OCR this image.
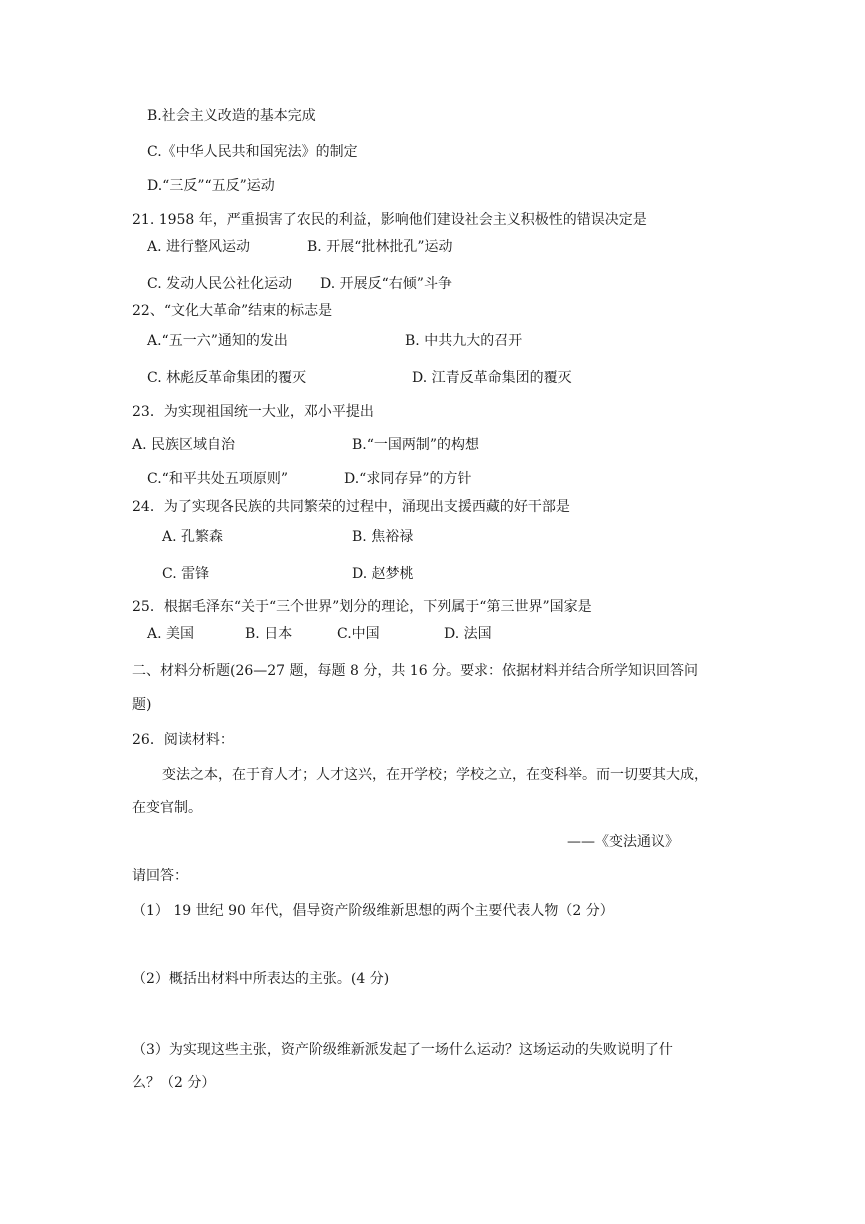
B.社会主义改造的基本完成
C.《中华人民共和国宪法》的制定
D.“三反”“五反”运动
21. 1958 年，严重损害了农民的利益，影响他们建设社会主义积极性的错误决定是
A. 进行整风运动	B. 开展“批林批孔”运动
C. 发动人民公社化运动 D. 开展反“右倾”斗争
22、“文化大革命”结束的标志是
A.“五一六”通知的发出	B. 中共九大的召开
C. 林彪反革命集团的覆灭	D. 江青反革命集团的覆灭
23．为实现祖国统一大业，邓小平提出
A. 民族区域自治	B.“一国两制”的构想
C.“和平共处五项原则”	D.“求同存异”的方针
24．为了实现各民族的共同繁荣的过程中，涌现出支援西藏的好干部是
A. 孔繁森	B. 焦裕禄
C. 雷锋	D. 赵梦桃
25．根据毛泽东“关于“三个世界”划分的理论，下列属于“第三世界”国家是
A. 美国	B. 日本	C.中国	D. 法国
二、材料分析题(26—27 题，每题 8 分，共 16 分。要求：依据材料并结合所学知识回答问
题)
26．阅读材料：
变法之本，在于育人才；人才这兴，在开学校；学校之立，在变科举。而一切要其大成，
在变官制。
——《变法通议》
请回答：
（1） 19 世纪 90 年代，倡导资产阶级维新思想的两个主要代表人物（2 分）
（2）概括出材料中所表达的主张。(4 分)
（3）为实现这些主张，资产阶级维新派发起了一场什么运动？这场运动的失败说明了什
么？（2 分）
